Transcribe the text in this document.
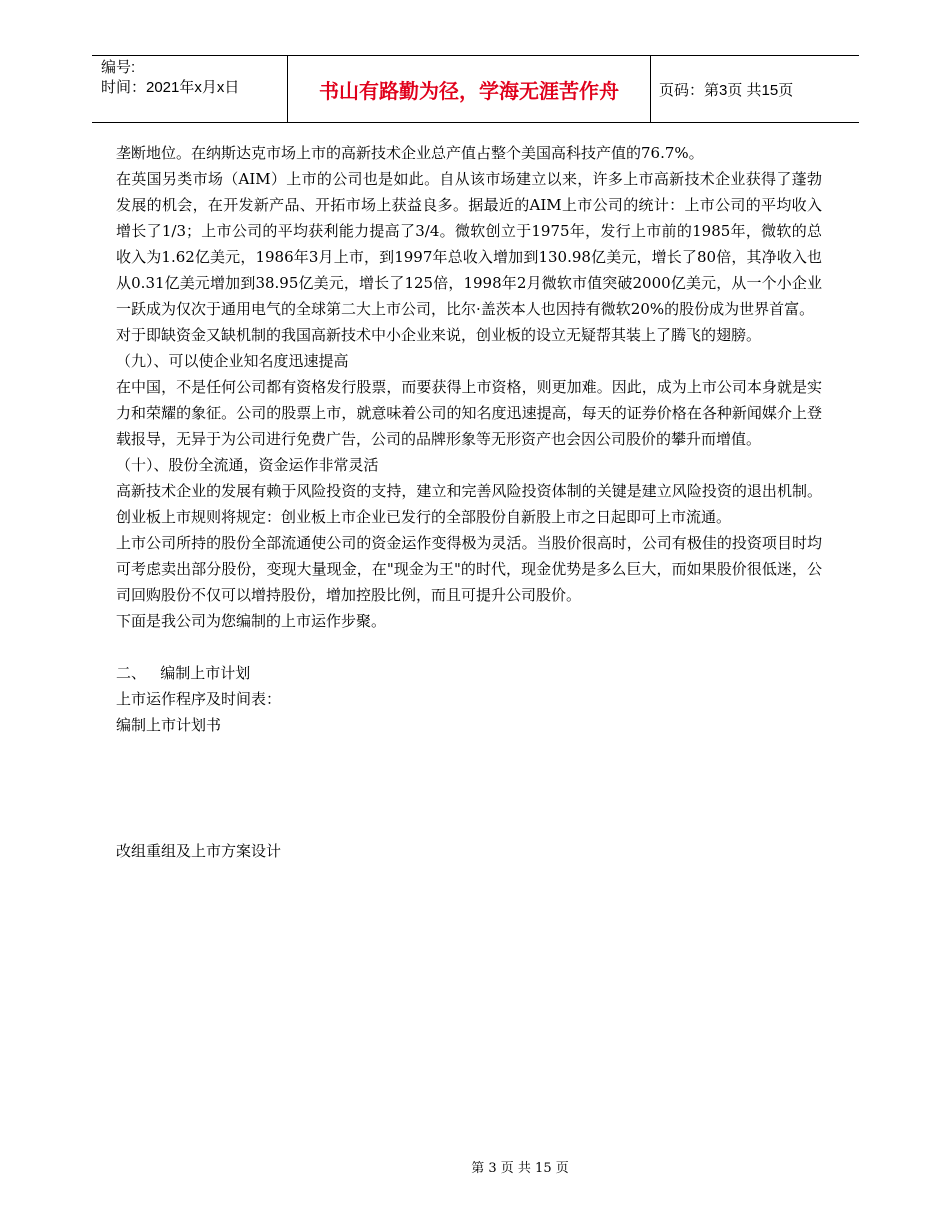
编号:
时间：2021年x月x日	书山有路勤为径，学海无涯苦作舟	页码：第3页 共15页

垄断地位。在纳斯达克市场上市的高新技术企业总产值占整个美国高科技产值的76.7%。

在英国另类市场（AIM）上市的公司也是如此。自从该市场建立以来，许多上市高新技术企业获得了蓬勃发展的机会，在开发新产品、开拓市场上获益良多。据最近的AIM上市公司的统计：上市公司的平均收入增长了1/3；上市公司的平均获利能力提高了3/4。微软创立于1975年，发行上市前的1985年，微软的总收入为1.62亿美元，1986年3月上市，到1997年总收入增加到130.98亿美元，增长了80倍，其净收入也从0.31亿美元增加到38.95亿美元，增长了125倍，1998年2月微软市值突破2000亿美元，从一个小企业一跃成为仅次于通用电气的全球第二大上市公司，比尔·盖茨本人也因持有微软20%的股份成为世界首富。

对于即缺资金又缺机制的我国高新技术中小企业来说，创业板的设立无疑帮其装上了腾飞的翅膀。

（九）、可以使企业知名度迅速提高

在中国，不是任何公司都有资格发行股票，而要获得上市资格，则更加难。因此，成为上市公司本身就是实力和荣耀的象征。公司的股票上市，就意味着公司的知名度迅速提高，每天的证券价格在各种新闻媒介上登载报导，无异于为公司进行免费广告，公司的品牌形象等无形资产也会因公司股价的攀升而增值。

（十）、股份全流通，资金运作非常灵活

高新技术企业的发展有赖于风险投资的支持，建立和完善风险投资体制的关键是建立风险投资的退出机制。创业板上市规则将规定：创业板上市企业已发行的全部股份自新股上市之日起即可上市流通。

上市公司所持的股份全部流通使公司的资金运作变得极为灵活。当股价很高时，公司有极佳的投资项目时均可考虑卖出部分股份，变现大量现金，在"现金为王"的时代，现金优势是多么巨大，而如果股价很低迷，公司回购股份不仅可以增持股份，增加控股比例，而且可提升公司股价。

下面是我公司为您编制的上市运作步聚。

二、   编制上市计划

上市运作程序及时间表：

编制上市计划书

改组重组及上市方案设计

第 3 页 共 15 页
